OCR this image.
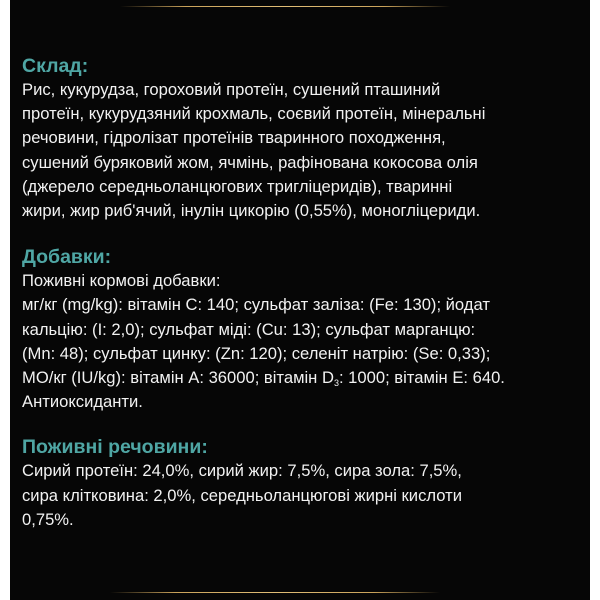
Склад:
Рис, кукурудза, гороховий протеїн, сушений пташиний
протеїн, кукурудзяний крохмаль, соєвий протеїн, мінеральні
речовини, гідролізат протеїнів тваринного походження,
сушений буряковий жом, ячмінь, рафінована кокосова олія
(джерело середньоланцюгових тригліцеридів), тваринні
жири, жир риб'ячий, інулін цикорію (0,55%), моногліцериди.
Добавки:
Поживні кормові добавки:
мг/кг (mg/kg): вітамін С: 140; сульфат заліза: (Fe: 130); йодат
кальцію: (I: 2,0); сульфат міді: (Cu: 13); сульфат марганцю:
(Mn: 48); сульфат цинку: (Zn: 120); селеніт натрію: (Se: 0,33);
МО/кг (IU/kg): вітамін А: 36000; вітамін $D_3$: 1000; вітамін Е: 640.
Антиоксиданти.
Поживні речовини:
Сирий протеїн: 24,0%, сирий жир: 7,5%, сира зола: 7,5%,
сира клітковина: 2,0%, середньоланцюгові жирні кислоти
0,75%.
